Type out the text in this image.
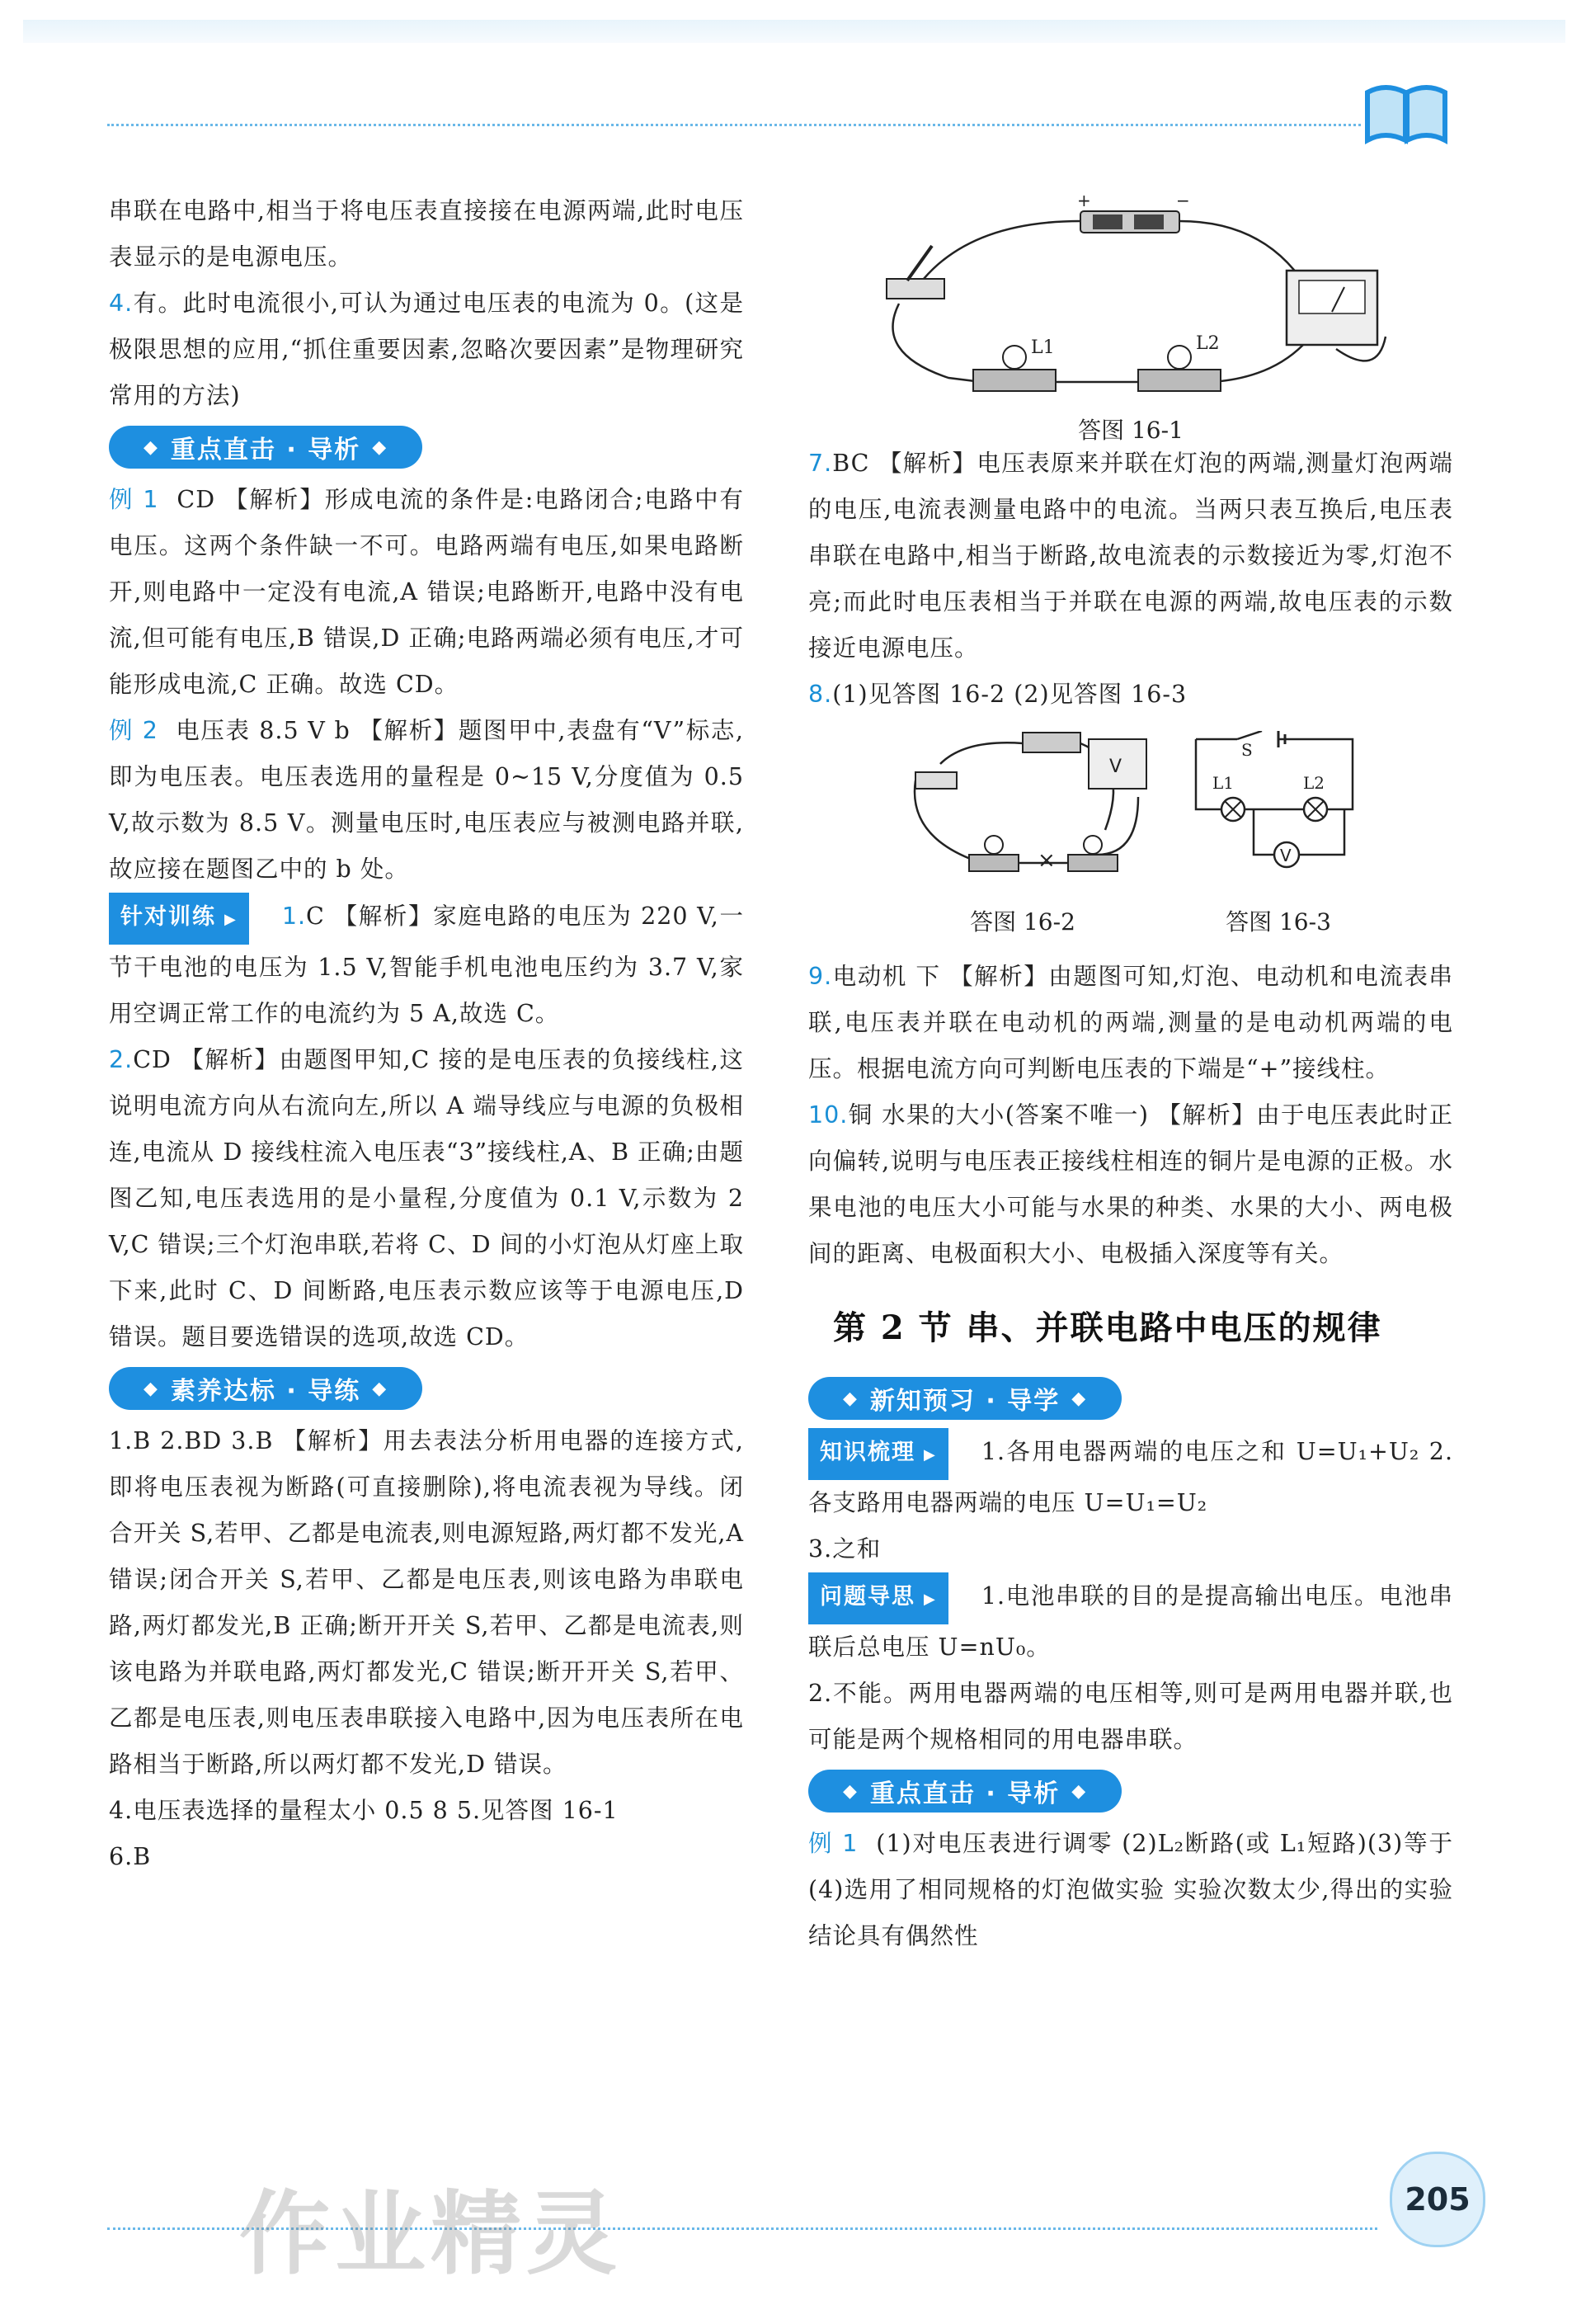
串联在电路中,相当于将电压表直接接在电源两端,此时电压表显示的是电源电压。

4.有。此时电流很小,可认为通过电压表的电流为 0。(这是极限思想的应用,“抓住重要因素,忽略次要因素”是物理研究常用的方法)

◆ 重点直击 · 导析 ◆

例 1 CD 【解析】形成电流的条件是:电路闭合;电路中有电压。这两个条件缺一不可。电路两端有电压,如果电路断开,则电路中一定没有电流,A 错误;电路断开,电路中没有电流,但可能有电压,B 错误,D 正确;电路两端必须有电压,才可能形成电流,C 正确。故选 CD。

例 2 电压表 8.5 V b 【解析】题图甲中,表盘有“V”标志,即为电压表。电压表选用的量程是 0~15 V,分度值为 0.5 V,故示数为 8.5 V。测量电压时,电压表应与被测电路并联,故应接在题图乙中的 b 处。

针对训练 ▶ 1.C 【解析】家庭电路的电压为 220 V,一节干电池的电压为 1.5 V,智能手机电池电压约为 3.7 V,家用空调正常工作的电流约为 5 A,故选 C。

2.CD 【解析】由题图甲知,C 接的是电压表的负接线柱,这说明电流方向从右流向左,所以 A 端导线应与电源的负极相连,电流从 D 接线柱流入电压表“3”接线柱,A、B 正确;由题图乙知,电压表选用的是小量程,分度值为 0.1 V,示数为 2 V,C 错误;三个灯泡串联,若将 C、D 间的小灯泡从灯座上取下来,此时 C、D 间断路,电压表示数应该等于电源电压,D 错误。题目要选错误的选项,故选 CD。

◆ 素养达标 · 导练 ◆

1.B 2.BD 3.B 【解析】用去表法分析用电器的连接方式,即将电压表视为断路(可直接删除),将电流表视为导线。闭合开关 S,若甲、乙都是电流表,则电源短路,两灯都不发光,A 错误;闭合开关 S,若甲、乙都是电压表,则该电路为串联电路,两灯都发光,B 正确;断开开关 S,若甲、乙都是电流表,则该电路为并联电路,两灯都发光,C 错误;断开开关 S,若甲、乙都是电压表,则电压表串联接入电路中,因为电压表所在电路相当于断路,所以两灯都不发光,D 错误。

4.电压表选择的量程太小 0.5 8 5.见答图 16-1

6.B

+	−
L1	L2
答图 16-1

7.BC 【解析】电压表原来并联在灯泡的两端,测量灯泡两端的电压,电流表测量电路中的电流。当两只表互换后,电压表串联在电路中,相当于断路,故电流表的示数接近为零,灯泡不亮;而此时电压表相当于并联在电源的两端,故电压表的示数接近电源电压。

8.(1)见答图 16-2 (2)见答图 16-3

V
×	V
S
L1	L2
答图 16-2	答图 16-3

9.电动机 下 【解析】由题图可知,灯泡、电动机和电流表串联,电压表并联在电动机的两端,测量的是电动机两端的电压。根据电流方向可判断电压表的下端是“+”接线柱。

10.铜 水果的大小(答案不唯一) 【解析】由于电压表此时正向偏转,说明与电压表正接线柱相连的铜片是电源的正极。水果电池的电压大小可能与水果的种类、水果的大小、两电极间的距离、电极面积大小、电极插入深度等有关。

第 2 节 串、并联电路中电压的规律
◆ 新知预习 · 导学 ◆

知识梳理 ▶ 1.各用电器两端的电压之和 U=U₁+U₂ 2.各支路用电器两端的电压 U=U₁=U₂

3.之和

问题导思 ▶ 1.电池串联的目的是提高输出电压。电池串联后总电压 U=nU₀。

2.不能。两用电器两端的电压相等,则可是两用电器并联,也可能是两个规格相同的用电器串联。

◆ 重点直击 · 导析 ◆

例 1 (1)对电压表进行调零 (2)L₂断路(或 L₁短路)(3)等于 (4)选用了相同规格的灯泡做实验 实验次数太少,得出的实验结论具有偶然性

作业精灵	205
